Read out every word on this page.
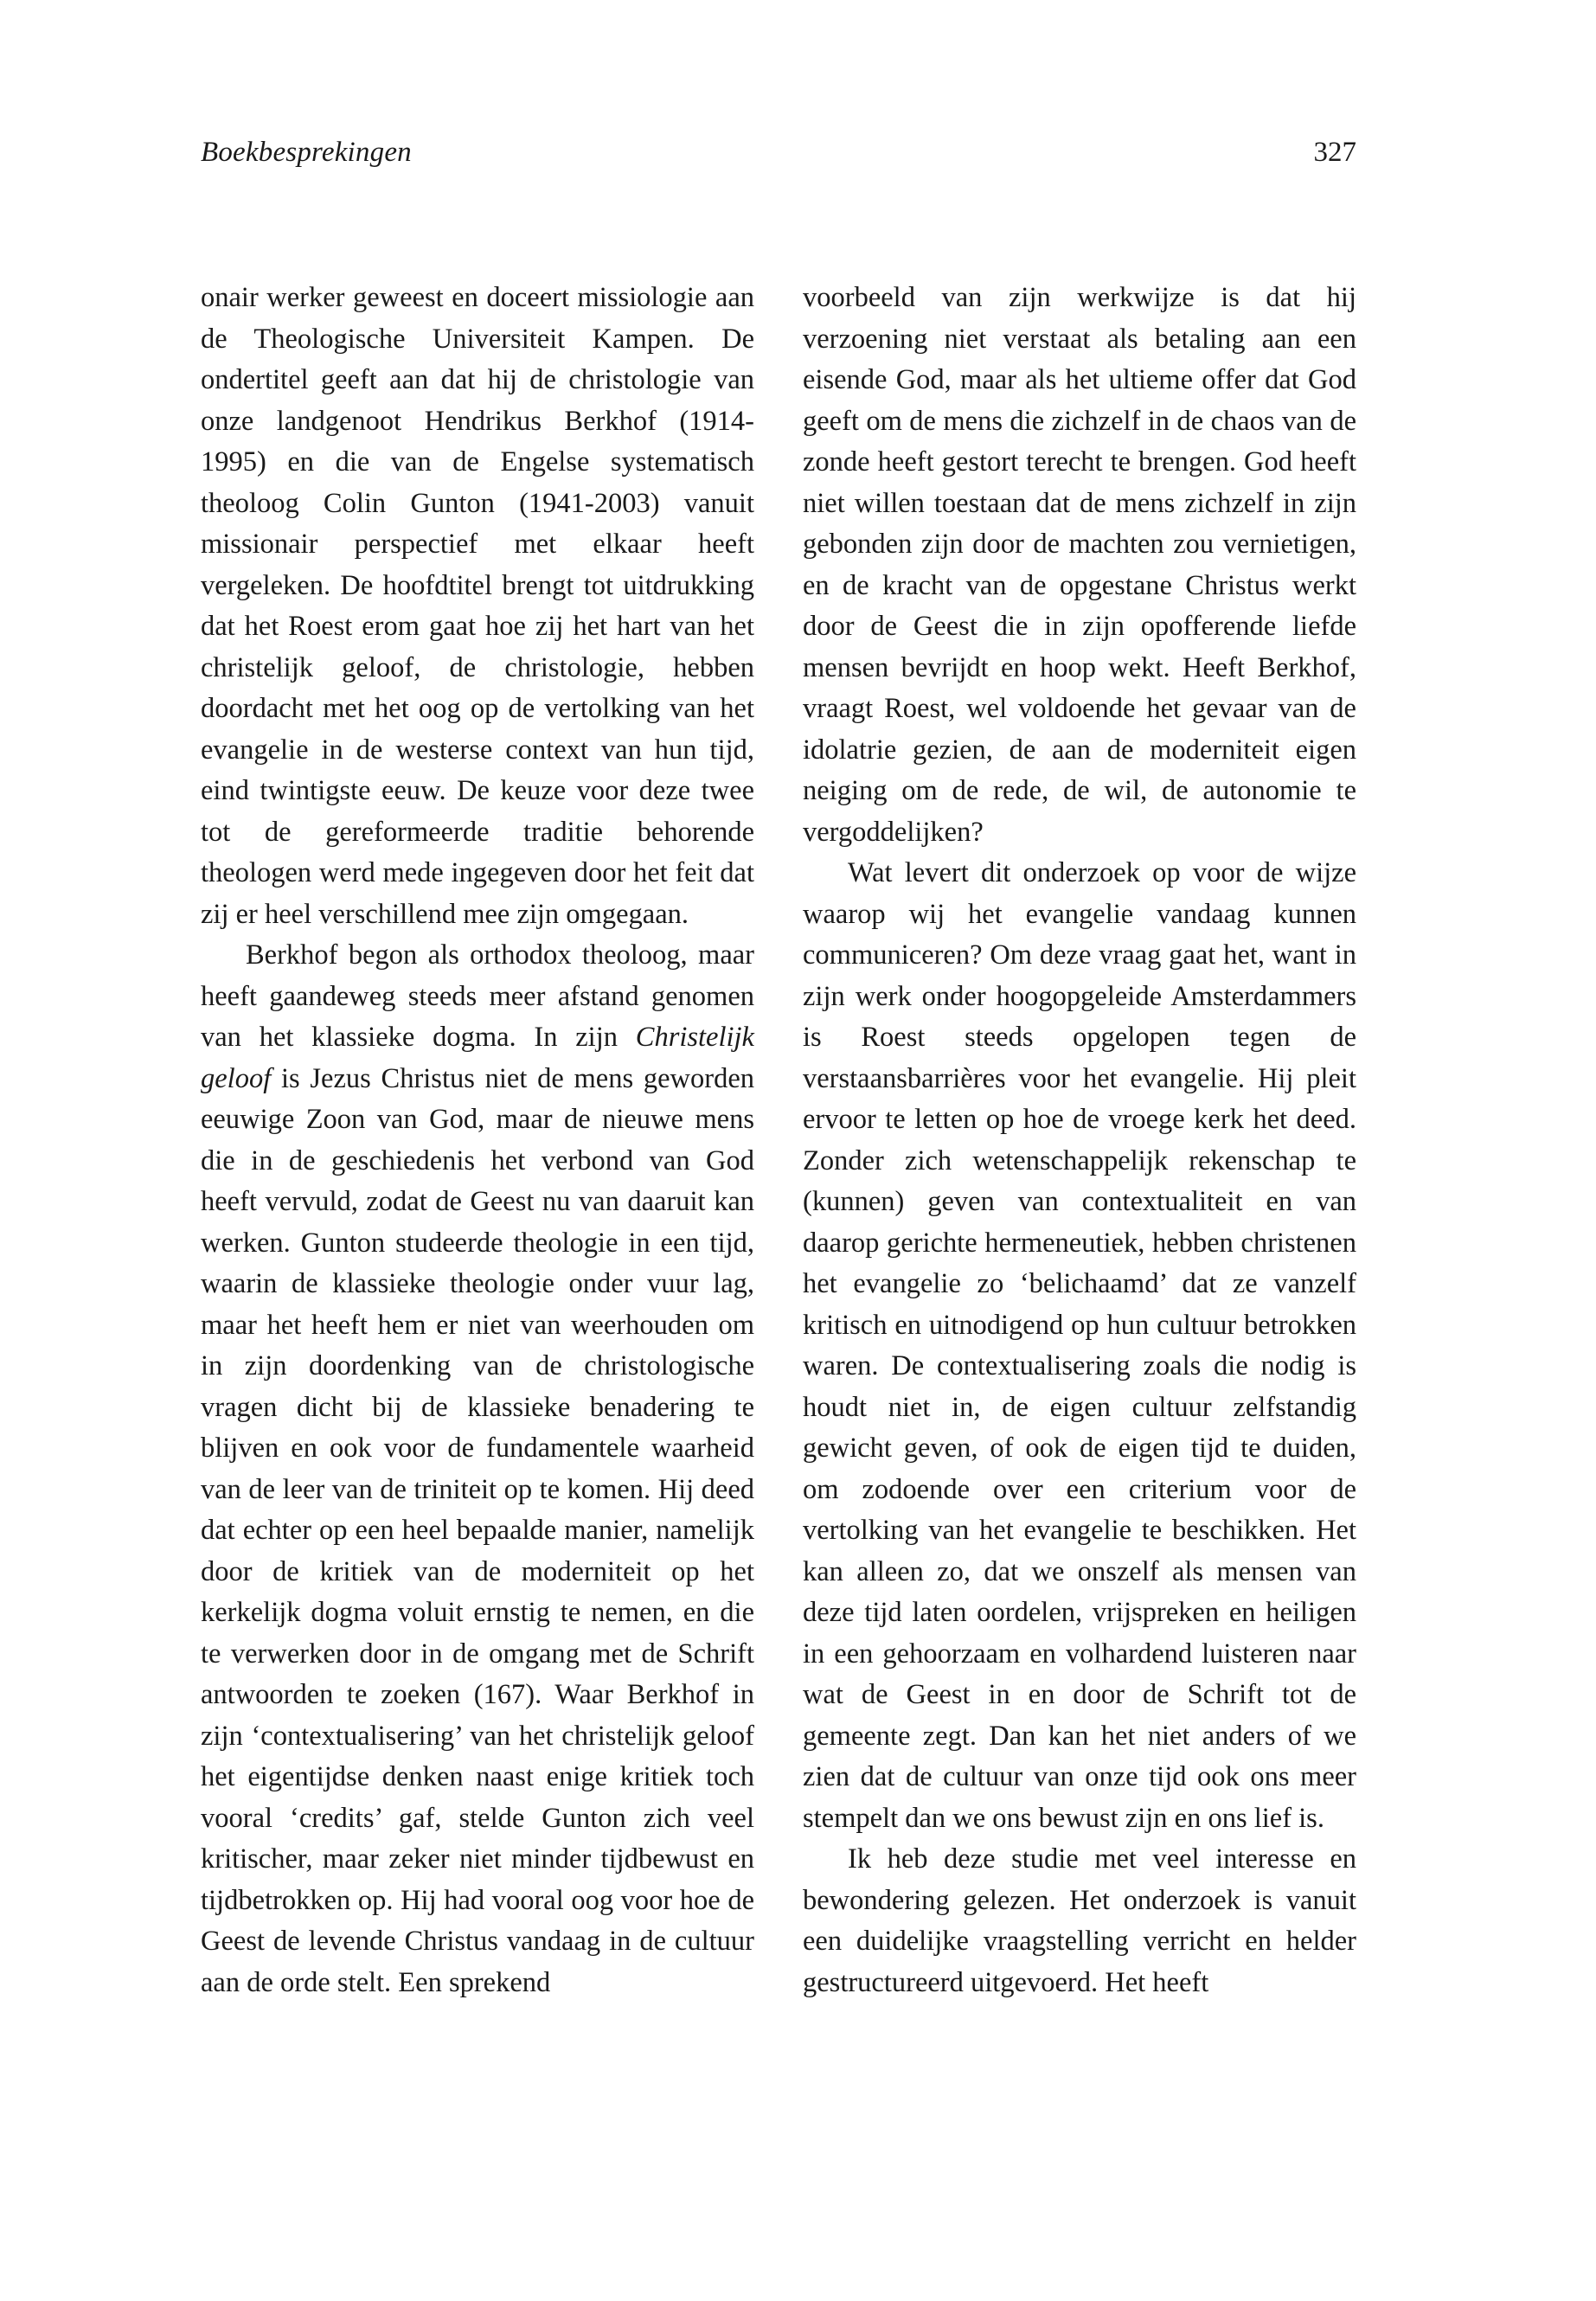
Boekbesprekingen	327

onair werker geweest en doceert missiologie aan de Theologische Universiteit Kampen. De ondertitel geeft aan dat hij de christologie van onze landgenoot Hendrikus Berkhof (1914-1995) en die van de Engelse systematisch theoloog Colin Gunton (1941-2003) vanuit missionair perspectief met elkaar heeft vergeleken. De hoofdtitel brengt tot uitdrukking dat het Roest erom gaat hoe zij het hart van het christelijk geloof, de christologie, hebben doordacht met het oog op de vertolking van het evangelie in de westerse context van hun tijd, eind twintigste eeuw. De keuze voor deze twee tot de gereformeerde traditie behorende theologen werd mede ingegeven door het feit dat zij er heel verschillend mee zijn omgegaan.

Berkhof begon als orthodox theoloog, maar heeft gaandeweg steeds meer afstand genomen van het klassieke dogma. In zijn Christelijk geloof is Jezus Christus niet de mens geworden eeuwige Zoon van God, maar de nieuwe mens die in de geschiedenis het verbond van God heeft vervuld, zodat de Geest nu van daaruit kan werken. Gunton studeerde theologie in een tijd, waarin de klassieke theologie onder vuur lag, maar het heeft hem er niet van weerhouden om in zijn doordenking van de christologische vragen dicht bij de klassieke benadering te blijven en ook voor de fundamentele waarheid van de leer van de triniteit op te komen. Hij deed dat echter op een heel bepaalde manier, namelijk door de kritiek van de moderniteit op het kerkelijk dogma voluit ernstig te nemen, en die te verwerken door in de omgang met de Schrift antwoorden te zoeken (167). Waar Berkhof in zijn ‘contextualisering’ van het christelijk geloof het eigentijdse denken naast enige kritiek toch vooral ‘credits’ gaf, stelde Gunton zich veel kritischer, maar zeker niet minder tijdbewust en tijdbetrokken op. Hij had vooral oog voor hoe de Geest de levende Christus vandaag in de cultuur aan de orde stelt. Een sprekend

voorbeeld van zijn werkwijze is dat hij verzoening niet verstaat als betaling aan een eisende God, maar als het ultieme offer dat God geeft om de mens die zichzelf in de chaos van de zonde heeft gestort terecht te brengen. God heeft niet willen toestaan dat de mens zichzelf in zijn gebonden zijn door de machten zou vernietigen, en de kracht van de opgestane Christus werkt door de Geest die in zijn opofferende liefde mensen bevrijdt en hoop wekt. Heeft Berkhof, vraagt Roest, wel voldoende het gevaar van de idolatrie gezien, de aan de moderniteit eigen neiging om de rede, de wil, de autonomie te vergoddelijken?

Wat levert dit onderzoek op voor de wijze waarop wij het evangelie vandaag kunnen communiceren? Om deze vraag gaat het, want in zijn werk onder hoogopgeleide Amsterdammers is Roest steeds opgelopen tegen de verstaansbarrières voor het evangelie. Hij pleit ervoor te letten op hoe de vroege kerk het deed. Zonder zich wetenschappelijk rekenschap te (kunnen) geven van contextualiteit en van daarop gerichte hermeneutiek, hebben christenen het evangelie zo ‘belichaamd’ dat ze vanzelf kritisch en uitnodigend op hun cultuur betrokken waren. De contextualisering zoals die nodig is houdt niet in, de eigen cultuur zelfstandig gewicht geven, of ook de eigen tijd te duiden, om zodoende over een criterium voor de vertolking van het evangelie te beschikken. Het kan alleen zo, dat we onszelf als mensen van deze tijd laten oordelen, vrijspreken en heiligen in een gehoorzaam en volhardend luisteren naar wat de Geest in en door de Schrift tot de gemeente zegt. Dan kan het niet anders of we zien dat de cultuur van onze tijd ook ons meer stempelt dan we ons bewust zijn en ons lief is.

Ik heb deze studie met veel interesse en bewondering gelezen. Het onderzoek is vanuit een duidelijke vraagstelling verricht en helder gestructureerd uitgevoerd. Het heeft
